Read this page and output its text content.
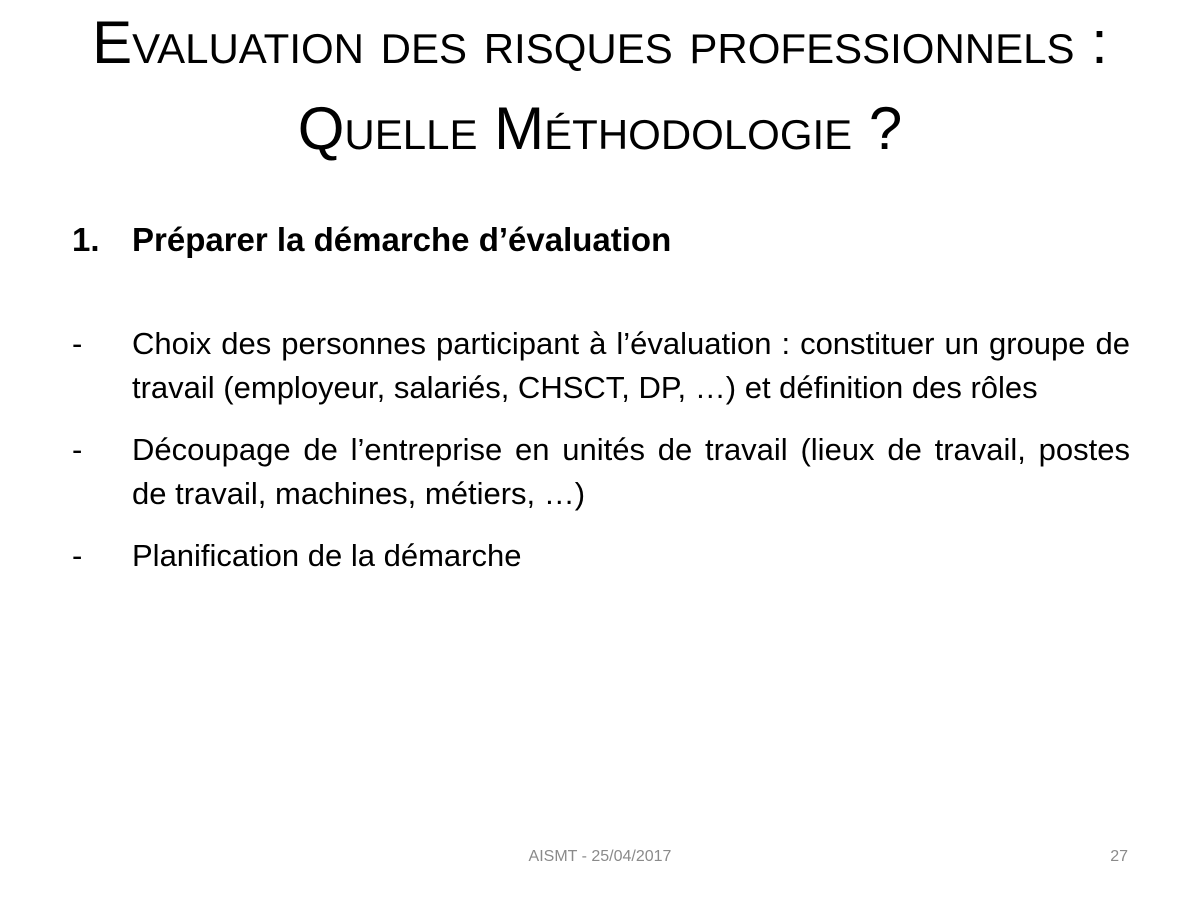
Evaluation des risques professionnels :
Quelle Méthodologie ?
1. Préparer la démarche d’évaluation
- Choix des personnes participant à l’évaluation : constituer un groupe de travail (employeur, salariés, CHSCT, DP, …) et définition des rôles
- Découpage de l’entreprise en unités de travail (lieux de travail, postes de travail, machines, métiers, …)
- Planification de la démarche
AISMT - 25/04/2017	27
